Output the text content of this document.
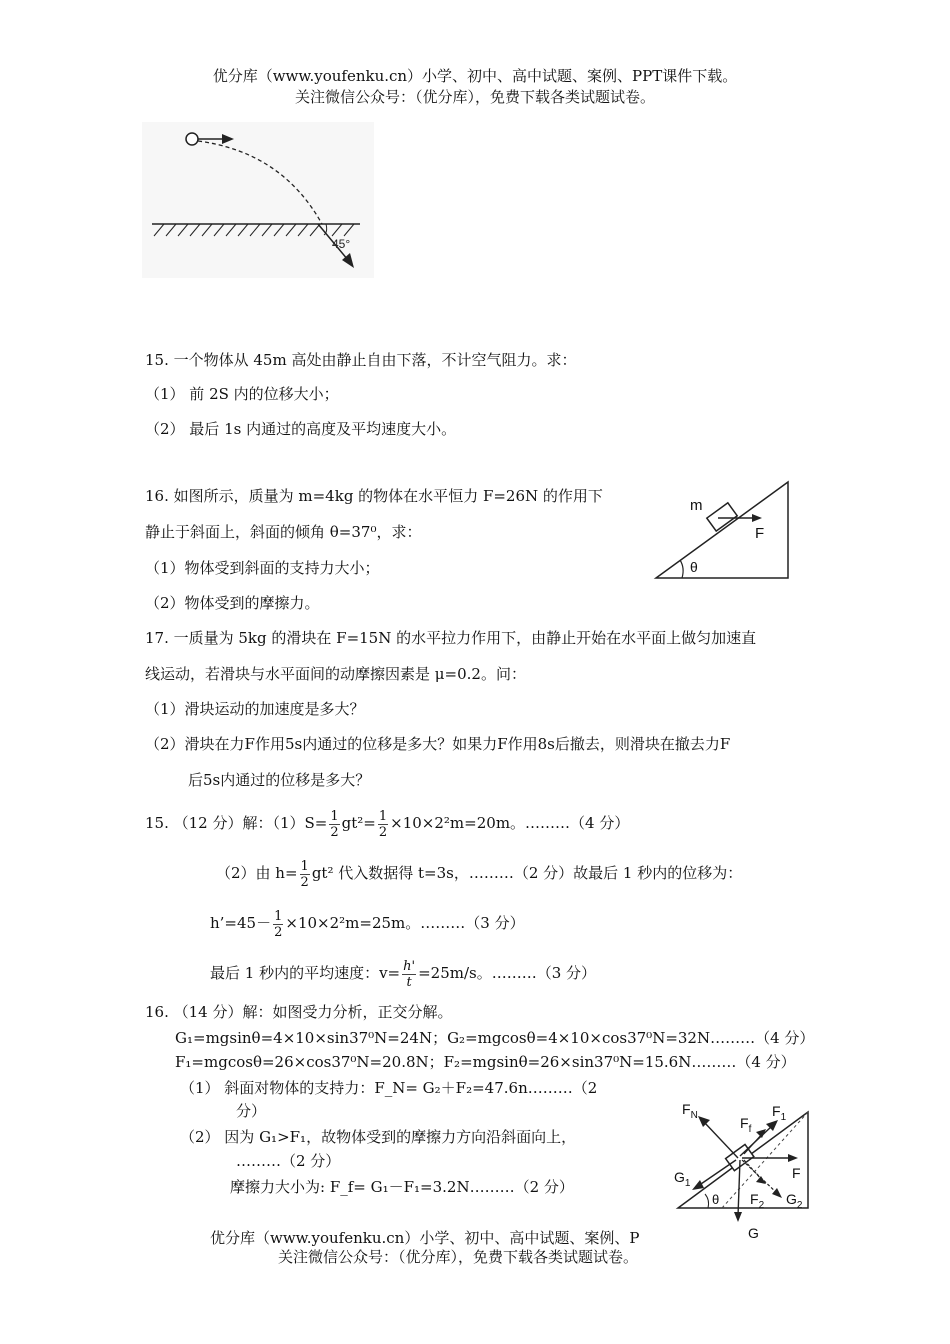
优分库（www.youfenku.cn）小学、初中、高中试题、案例、PPT课件下载。
关注微信公众号：（优分库），免费下载各类试题试卷。
45°
15. 一个物体从 45m 高处由静止自由下落，不计空气阻力。求：
（1） 前 2S 内的位移大小；
（2） 最后 1s 内通过的高度及平均速度大小。
16. 如图所示，质量为 m=4kg 的物体在水平恒力 F=26N 的作用下
静止于斜面上，斜面的倾角 θ=37⁰，求：
（1）物体受到斜面的支持力大小；
（2）物体受到的摩擦力。
m
F
θ
17. 一质量为 5kg 的滑块在 F=15N 的水平拉力作用下，由静止开始在水平面上做匀加速直
线运动，若滑块与水平面间的动摩擦因素是 μ=0.2。问：
（1）滑块运动的加速度是多大？
（2）滑块在力F作用5s内通过的位移是多大？如果力F作用8s后撤去，则滑块在撤去力F
后5s内通过的位移是多大？
15. （12 分）解：$(1)S= \frac{1}{2} gt^2= \frac{1}{2} \times 10\times 2^2m=20m$。………（4 分）
（2）由 $h= \frac{1}{2} gt^2$ 代入数据得 t=3s，………（2 分）故最后 1 秒内的位移为：
h’=45－ $\frac{1}{2} \times 10\times 2^2m=25m$。………（3 分）
最后 1 秒内的平均速度：$v= \frac{h'}{t} =25m/s$。………（3 分）
16. （14 分）解：如图受力分析，正交分解。
G₁=mgsinθ=4×10×sin37⁰N=24N；G₂=mgcosθ=4×10×cos37⁰N=32N………（4 分）
F₁=mgcosθ=26×cos37⁰N=20.8N；F₂=mgsinθ=26×sin37⁰N=15.6N………（4 分）
（1） 斜面对物体的支持力：F_N= G₂＋F₂=47.6n………（2
分）
（2） 因为 G₁>F₁，故物体受到的摩擦力方向沿斜面向上，
………（2 分）
摩擦力大小为: F_f= G₁－F₁=3.2N………（2 分）
$F_N$	$F_f$
$F_1$
$G_1$
θ
F
$F_2$ $G_2$
G
优分库（www.youfenku.cn）小学、初中、高中试题、案例、P
关注微信公众号：（优分库），免费下载各类试题试卷。
